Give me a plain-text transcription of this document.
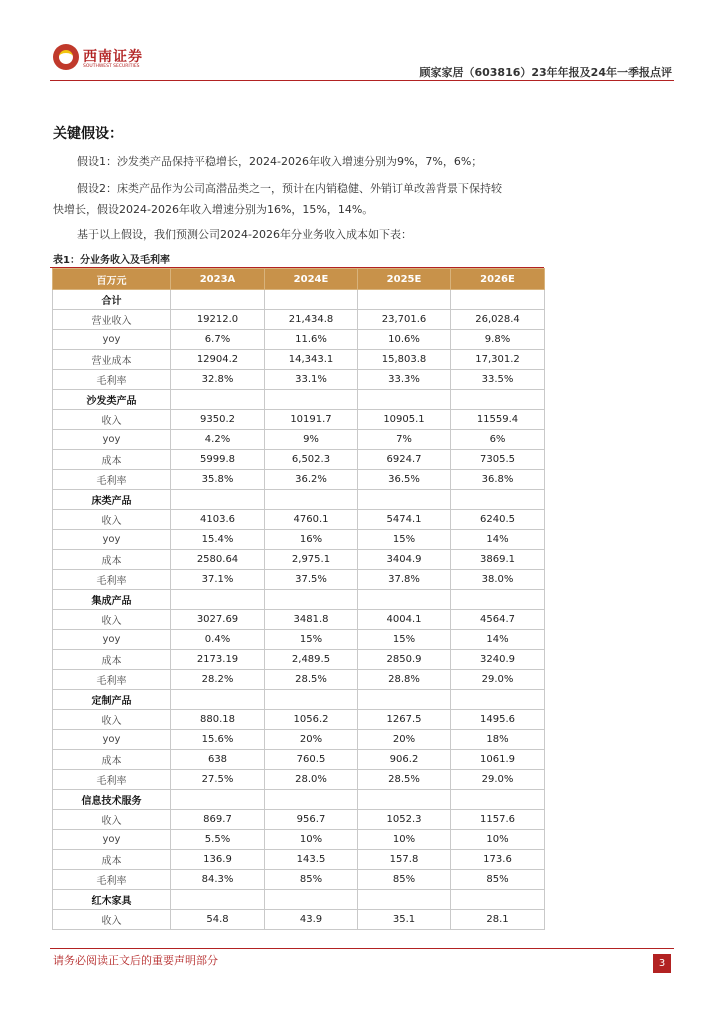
西南证券
SOUTHWEST SECURITIES	顾家家居（603816）23年年报及24年一季报点评
关键假设：
假设1：沙发类产品保持平稳增长，2024-2026年收入增速分别为9%，7%，6%；
假设2：床类产品作为公司高潜品类之一，预计在内销稳健、外销订单改善背景下保持较快增长，假设2024-2026年收入增速分别为16%，15%，14%。
基于以上假设，我们预测公司2024-2026年分业务收入成本如下表：
表1：分业务收入及毛利率
百万元	2023A	2024E	2025E	2026E
合计				
营业收入	19212.0	21,434.8	23,701.6	26,028.4
yoy	6.7%	11.6%	10.6%	9.8%
营业成本	12904.2	14,343.1	15,803.8	17,301.2
毛利率	32.8%	33.1%	33.3%	33.5%
沙发类产品				
收入	9350.2	10191.7	10905.1	11559.4
yoy	4.2%	9%	7%	6%
成本	5999.8	6,502.3	6924.7	7305.5
毛利率	35.8%	36.2%	36.5%	36.8%
床类产品				
收入	4103.6	4760.1	5474.1	6240.5
yoy	15.4%	16%	15%	14%
成本	2580.64	2,975.1	3404.9	3869.1
毛利率	37.1%	37.5%	37.8%	38.0%
集成产品				
收入	3027.69	3481.8	4004.1	4564.7
yoy	0.4%	15%	15%	14%
成本	2173.19	2,489.5	2850.9	3240.9
毛利率	28.2%	28.5%	28.8%	29.0%
定制产品				
收入	880.18	1056.2	1267.5	1495.6
yoy	15.6%	20%	20%	18%
成本	638	760.5	906.2	1061.9
毛利率	27.5%	28.0%	28.5%	29.0%
信息技术服务				
收入	869.7	956.7	1052.3	1157.6
yoy	5.5%	10%	10%	10%
成本	136.9	143.5	157.8	173.6
毛利率	84.3%	85%	85%	85%
红木家具				
收入	54.8	43.9	35.1	28.1
请务必阅读正文后的重要声明部分	3
